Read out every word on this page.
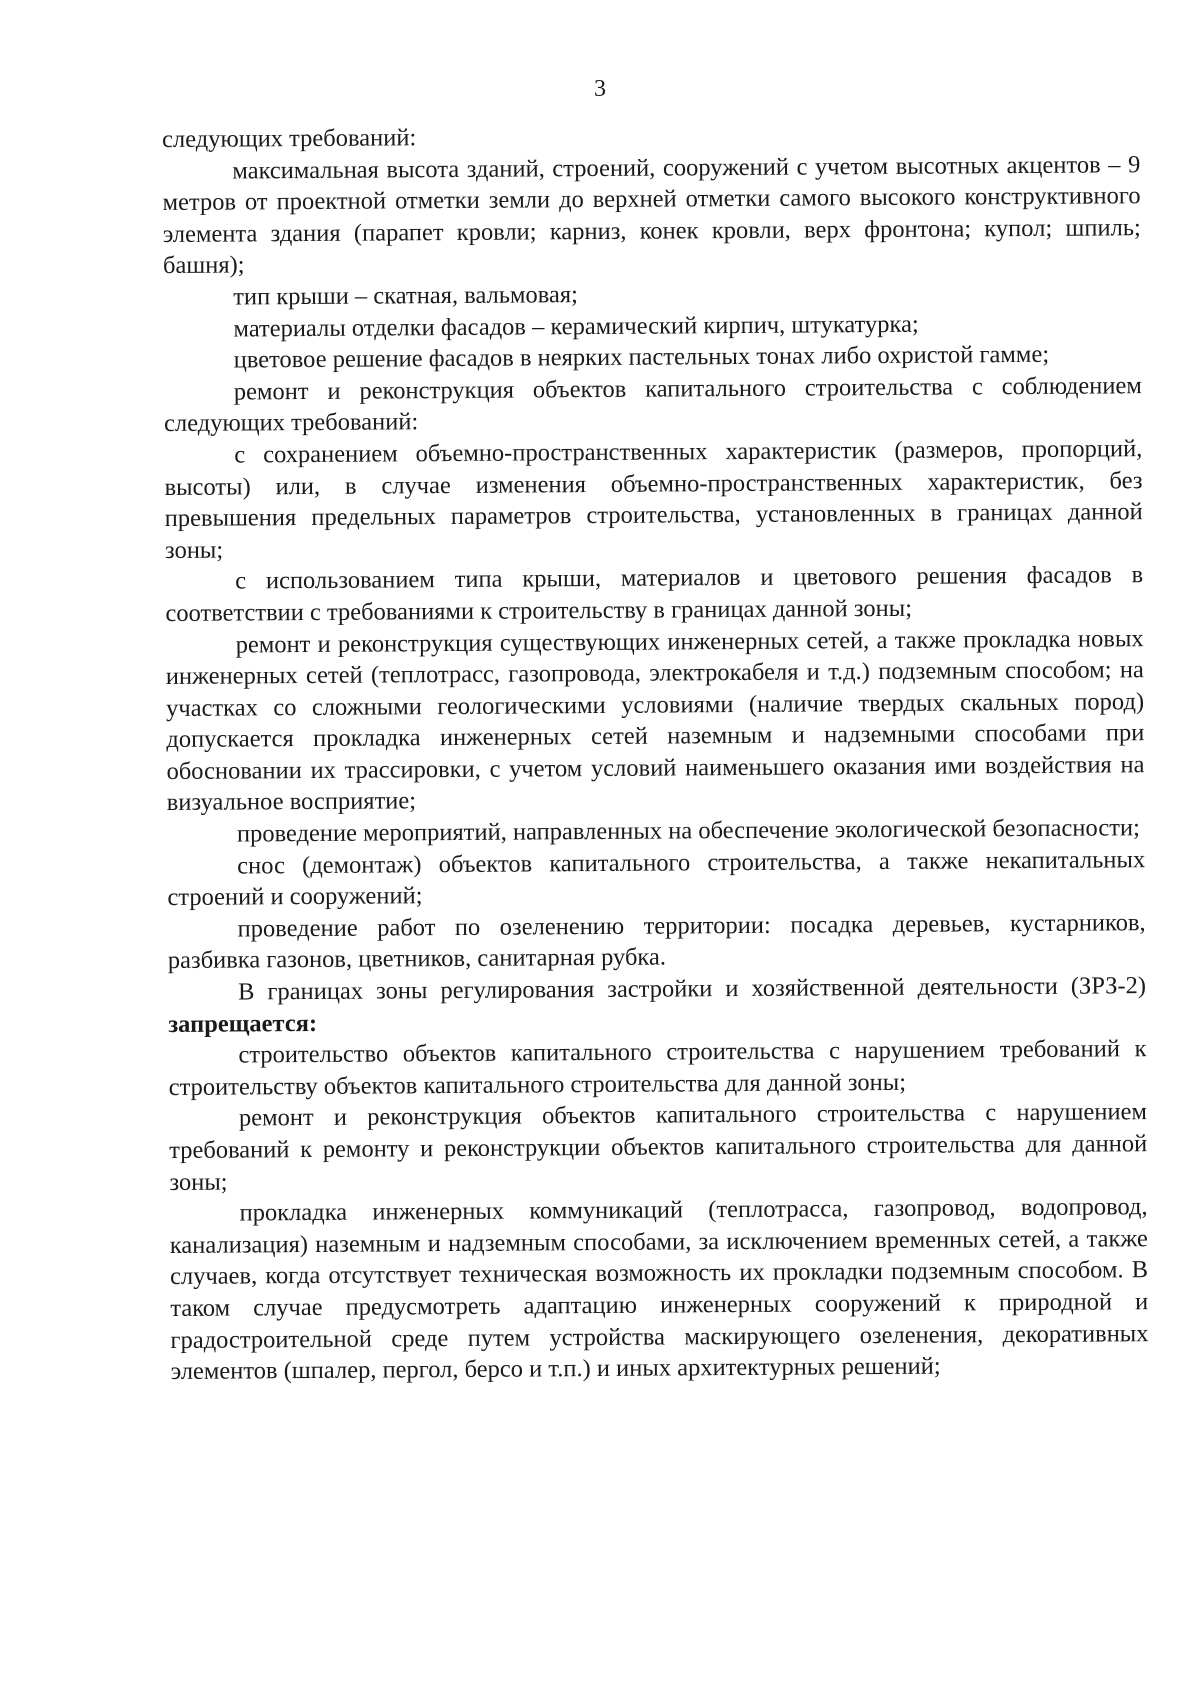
3

следующих требований:

максимальная высота зданий, строений, сооружений с учетом высотных акцентов – 9 метров от проектной отметки земли до верхней отметки самого высокого конструктивного элемента здания (парапет кровли; карниз, конек кровли, верх фронтона; купол; шпиль; башня);

тип крыши – скатная, вальмовая;

материалы отделки фасадов – керамический кирпич, штукатурка;

цветовое решение фасадов в неярких пастельных тонах либо охристой гамме;

ремонт и реконструкция объектов капитального строительства с соблюдением следующих требований:

с сохранением объемно-пространственных характеристик (размеров, пропорций, высоты) или, в случае изменения объемно-пространственных характеристик, без превышения предельных параметров строительства, установленных в границах данной зоны;

с использованием типа крыши, материалов и цветового решения фасадов в соответствии с требованиями к строительству в границах данной зоны;

ремонт и реконструкция существующих инженерных сетей, а также прокладка новых инженерных сетей (теплотрасс, газопровода, электрокабеля и т.д.) подземным способом; на участках со сложными геологическими условиями (наличие твердых скальных пород) допускается прокладка инженерных сетей наземным и надземными способами при обосновании их трассировки, с учетом условий наименьшего оказания ими воздействия на визуальное восприятие;

проведение мероприятий, направленных на обеспечение экологической безопасности;

снос (демонтаж) объектов капитального строительства, а также некапитальных строений и сооружений;

проведение работ по озеленению территории: посадка деревьев, кустарников, разбивка газонов, цветников, санитарная рубка.

В границах зоны регулирования застройки и хозяйственной деятельности (ЗРЗ-2) запрещается:

строительство объектов капитального строительства с нарушением требований к строительству объектов капитального строительства для данной зоны;

ремонт и реконструкция объектов капитального строительства с нарушением требований к ремонту и реконструкции объектов капитального строительства для данной зоны;

прокладка инженерных коммуникаций (теплотрасса, газопровод, водопровод, канализация) наземным и надземным способами, за исключением временных сетей, а также случаев, когда отсутствует техническая возможность их прокладки подземным способом. В таком случае предусмотреть адаптацию инженерных сооружений к природной и градостроительной среде путем устройства маскирующего озеленения, декоративных элементов (шпалер, пергол, берсо и т.п.) и иных архитектурных решений;
